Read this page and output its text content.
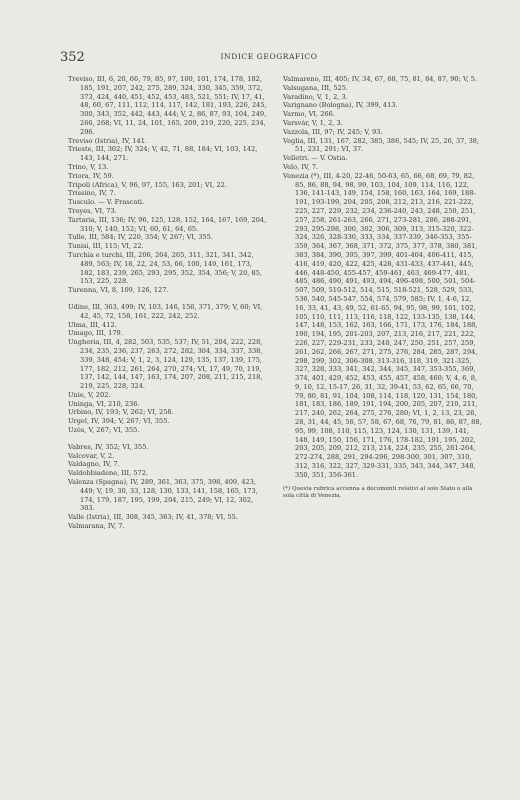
352	INDICE GEOGRAFICO
Treviso, III, 6, 20, 66, 79, 85, 97, 100, 101, 174, 178, 182, 185, 191, 207, 242, 275, 289, 324, 330, 345, 359, 372, 373, 424, 440, 451, 452, 453, 483, 521, 551; IV, 17, 41, 48, 60, 67, 111, 112, 114, 117, 142, 181, 193, 226, 245, 300, 343, 352, 442, 443, 444; V, 2, 86, 87, 93, 104, 249, 266, 268; VI, 11, 24, 101, 165, 209, 219, 220, 225, 234, 296.
Treviso (Istria), IV, 141.
Trieste, III, 302; IV, 324; V, 42, 71, 88, 184; VI, 103, 142, 143, 144, 271.
Trino, V, 13.
Triora, IV, 59.
Tripoli (Africa), V, 96, 97, 155, 163, 201; VI, 22.
Trissino, IV, 7.
Tusculo. — V. Frascati.
Troyes, VI, 73.
Tartaria, III, 136; IV, 96, 125, 128, 152, 164, 167, 169, 204, 310; V, 140, 152; VI, 60, 61, 64, 65.
Tulle, III, 584; IV, 220, 354; V, 267; VI, 355.
Tunisi, III, 115; VI, 22.
Turchia e turchi, III, 206, 264, 265, 311, 321, 341, 342, 489, 563; IV, 18, 22, 24, 53, 66, 100, 149, 161, 173, 182, 183, 239, 265, 293, 295, 352, 354, 356; V, 20, 85, 153, 225, 228.
Turenna, VI, 8, 109, 126, 127.
Udine, III, 363, 499; IV, 103, 146, 156, 371, 379; V, 60; VI, 42, 45, 72, 158, 161, 222, 242, 252.
Ulma, III, 412.
Umago, III, 179.
Ungheria, III, 4, 282, 503, 535, 537; IV, 51, 204, 222, 228, 234, 235, 236, 237, 263, 272, 282, 304, 334, 337, 338, 339, 348, 454; V, 1, 2, 3, 124, 129, 135, 137, 139, 175, 177, 182, 212, 261, 264, 270, 274; VI, 17, 49, 70, 119, 137, 142, 144, 147, 163, 174, 207, 208, 211, 215, 218, 219, 225, 228, 324.
Unie, V, 202.
Uninga, VI, 210, 236.
Urbino, IV, 193; V, 262; VI, 258.
Urgel, IV, 394; V, 267; VI, 355.
Uzès, V, 267; VI, 355.
Vabres, IV, 352; VI, 355.
Valcovar, V, 2.
Valdagno, IV, 7.
Valdobbiadene, III, 572.
Valenza (Spagna), IV, 289, 361, 363, 375, 398, 409, 423, 449; V, 19, 30, 33, 128, 130, 133, 141, 158, 165, 173, 174, 179, 187, 195, 199, 204, 215, 249; VI, 12, 302, 303.
Valle (Istria), III, 308, 345, 363; IV, 41, 378; VI, 55.
Valmarana, IV, 7.
Valmareno, III, 405; IV, 34, 67, 68, 75, 81, 84, 87, 90; V, 5.
Valsugana, III, 525.
Varadino, V, 1, 2, 3.
Varignano (Bologna), IV, 399, 413.
Varmo, VI, 266.
Varsvár, V, 1, 2, 3.
Vazzola, III, 97; IV, 245; V, 93.
Veglia, III, 131, 167, 282, 385, 386, 545; IV, 25, 26, 37, 38, 51, 231, 291; VI, 37.
Velletri. — V. Ostia.
Velo, IV, 7.
Venezia (*), III, 4-20, 22-46, 50-63, 65, 66, 68, 69, 79, 82, 85, 86, 88, 94, 98, 99, 103, 104, 109, 114, 116, 122, 136, 141-143, 149, 154, 158, 160, 163, 164, 169, 188-191, 193-199, 204, 205, 208, 212, 213, 216, 221-222, 225, 227, 229, 232, 234, 236-240, 243, 248, 250, 251, 257, 258, 261-263, 266, 271, 273-281, 286, 288-291, 293, 295-298, 300, 302, 306, 309, 313, 315-320, 322-324, 326, 328-330, 333, 334, 337-339, 346-353, 355-359, 364, 367, 368, 371, 372, 375, 377, 378, 380, 381, 383, 384, 390, 395, 397, 399, 401-404, 406-411, 415, 416, 419, 420, 422, 425, 428, 431-433, 437-441, 445, 446, 448-450, 455-457, 459-461, 463, 469-477, 481, 485, 486, 490, 491, 493, 494, 496-498, 500, 501, 504-507, 509, 510-512, 514, 515, 518-521, 528, 529, 533, 536, 540, 545-547, 554, 574, 579, 585; IV, 1, 4-6, 12, 16, 33, 41, 43, 49, 52, 61-65, 94, 95, 98, 99, 101, 102, 105, 110, 111, 113, 116, 118, 122, 133-135, 138, 144, 147, 148, 153, 162, 163, 166, 171, 173, 176, 184, 188, 190, 194, 195, 201-203, 207, 213, 216, 217, 221, 222, 226, 227, 229-231, 233, 240, 247, 250, 251, 257, 259, 261, 262, 266, 267, 271, 275, 276, 284, 285, 287, 294, 298, 299, 302, 306-308, 313-316, 318, 319, 321-325, 327, 328, 333, 341, 342, 344, 345, 347, 353-355, 369, 374, 401, 429, 452, 453, 455, 457, 458, 460; V, 4, 6, 8, 9, 10, 12, 15-17, 26, 31, 32, 39-41, 53, 62, 65, 66, 70, 79, 80, 81, 91, 104, 108, 114, 118, 120, 131, 154, 180, 181, 183, 186, 189, 191, 194, 200, 205, 207, 210, 211, 217, 240, 262, 264, 275, 276, 280; VI, 1, 2, 13, 23, 26, 28, 31, 44, 45, 56, 57, 58, 67, 68, 76, 79, 81, 86, 87, 88, 95, 99, 108, 110, 115, 123, 124, 130, 131, 139, 141, 148, 149, 150, 156, 171, 176, 178-182, 191, 195, 202, 203, 205, 209, 212, 213, 214, 224, 235, 255, 261-264, 272-274, 288, 291, 294-296, 298-300, 301, 307, 310, 312, 316, 322, 327, 329-331, 335, 343, 344, 347, 348, 350, 351, 356-361.
(*) Questa rubrica accenna a documenti relativi al solo Stato o alla sola città di Venezia.
